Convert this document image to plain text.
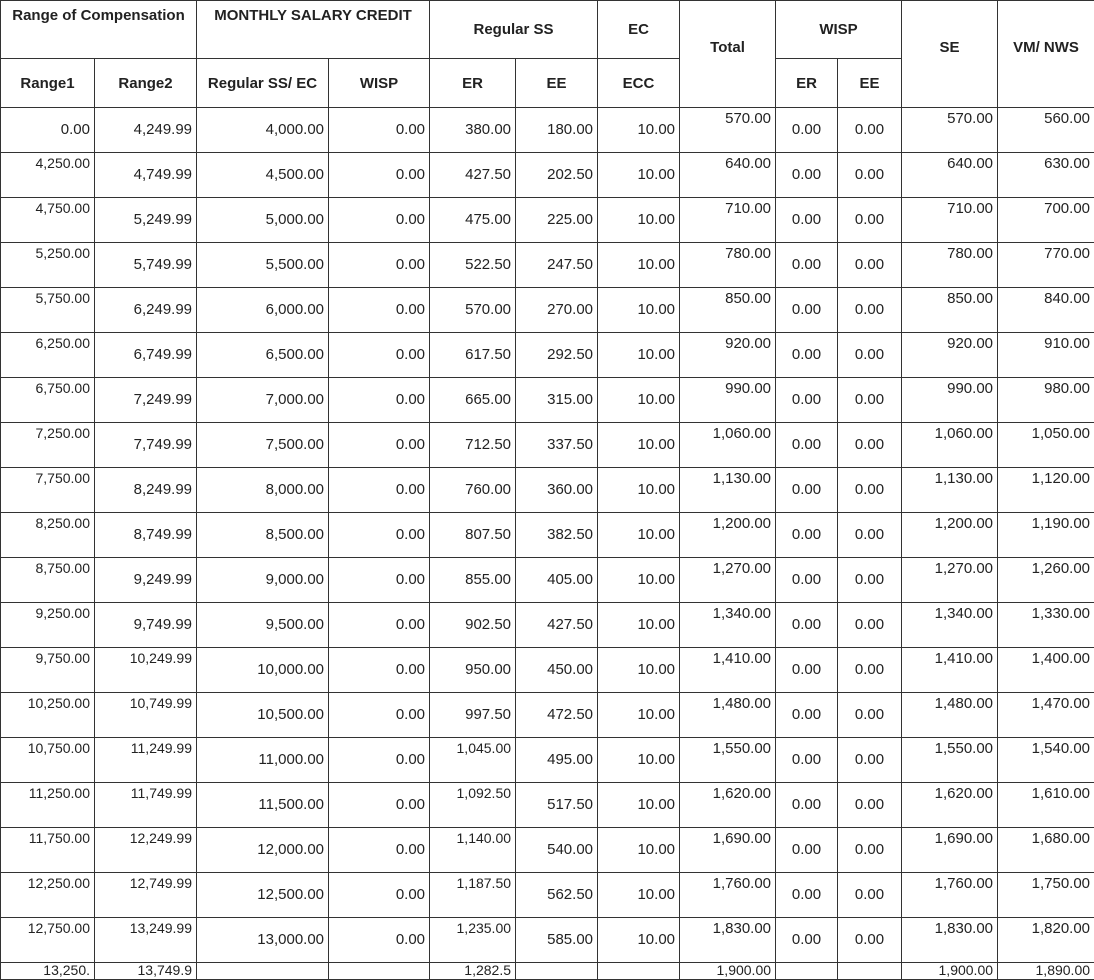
Range of Compensation		MONTHLY SALARY CREDIT		Regular SS		EC	Total	WISP		SE	VM/ NWS
Range1	Range2	Regular SS/ EC	WISP	ER	EE	ECC		ER	EE		
0.00	4,249.99	4,000.00	0.00	380.00	180.00	10.00	570.00	0.00	0.00	570.00	560.00
4,250.00	4,749.99	4,500.00	0.00	427.50	202.50	10.00	640.00	0.00	0.00	640.00	630.00
4,750.00	5,249.99	5,000.00	0.00	475.00	225.00	10.00	710.00	0.00	0.00	710.00	700.00
5,250.00	5,749.99	5,500.00	0.00	522.50	247.50	10.00	780.00	0.00	0.00	780.00	770.00
5,750.00	6,249.99	6,000.00	0.00	570.00	270.00	10.00	850.00	0.00	0.00	850.00	840.00
6,250.00	6,749.99	6,500.00	0.00	617.50	292.50	10.00	920.00	0.00	0.00	920.00	910.00
6,750.00	7,249.99	7,000.00	0.00	665.00	315.00	10.00	990.00	0.00	0.00	990.00	980.00
7,250.00	7,749.99	7,500.00	0.00	712.50	337.50	10.00	1,060.00	0.00	0.00	1,060.00	1,050.00
7,750.00	8,249.99	8,000.00	0.00	760.00	360.00	10.00	1,130.00	0.00	0.00	1,130.00	1,120.00
8,250.00	8,749.99	8,500.00	0.00	807.50	382.50	10.00	1,200.00	0.00	0.00	1,200.00	1,190.00
8,750.00	9,249.99	9,000.00	0.00	855.00	405.00	10.00	1,270.00	0.00	0.00	1,270.00	1,260.00
9,250.00	9,749.99	9,500.00	0.00	902.50	427.50	10.00	1,340.00	0.00	0.00	1,340.00	1,330.00
9,750.00	10,249.99	10,000.00	0.00	950.00	450.00	10.00	1,410.00	0.00	0.00	1,410.00	1,400.00
10,250.00	10,749.99	10,500.00	0.00	997.50	472.50	10.00	1,480.00	0.00	0.00	1,480.00	1,470.00
10,750.00	11,249.99	11,000.00	0.00	1,045.00	495.00	10.00	1,550.00	0.00	0.00	1,550.00	1,540.00
11,250.00	11,749.99	11,500.00	0.00	1,092.50	517.50	10.00	1,620.00	0.00	0.00	1,620.00	1,610.00
11,750.00	12,249.99	12,000.00	0.00	1,140.00	540.00	10.00	1,690.00	0.00	0.00	1,690.00	1,680.00
12,250.00	12,749.99	12,500.00	0.00	1,187.50	562.50	10.00	1,760.00	0.00	0.00	1,760.00	1,750.00
12,750.00	13,249.99	13,000.00	0.00	1,235.00	585.00	10.00	1,830.00	0.00	0.00	1,830.00	1,820.00
13,250.	13,749.9			1,282.5			1,900.00			1,900.00	1,890.00
